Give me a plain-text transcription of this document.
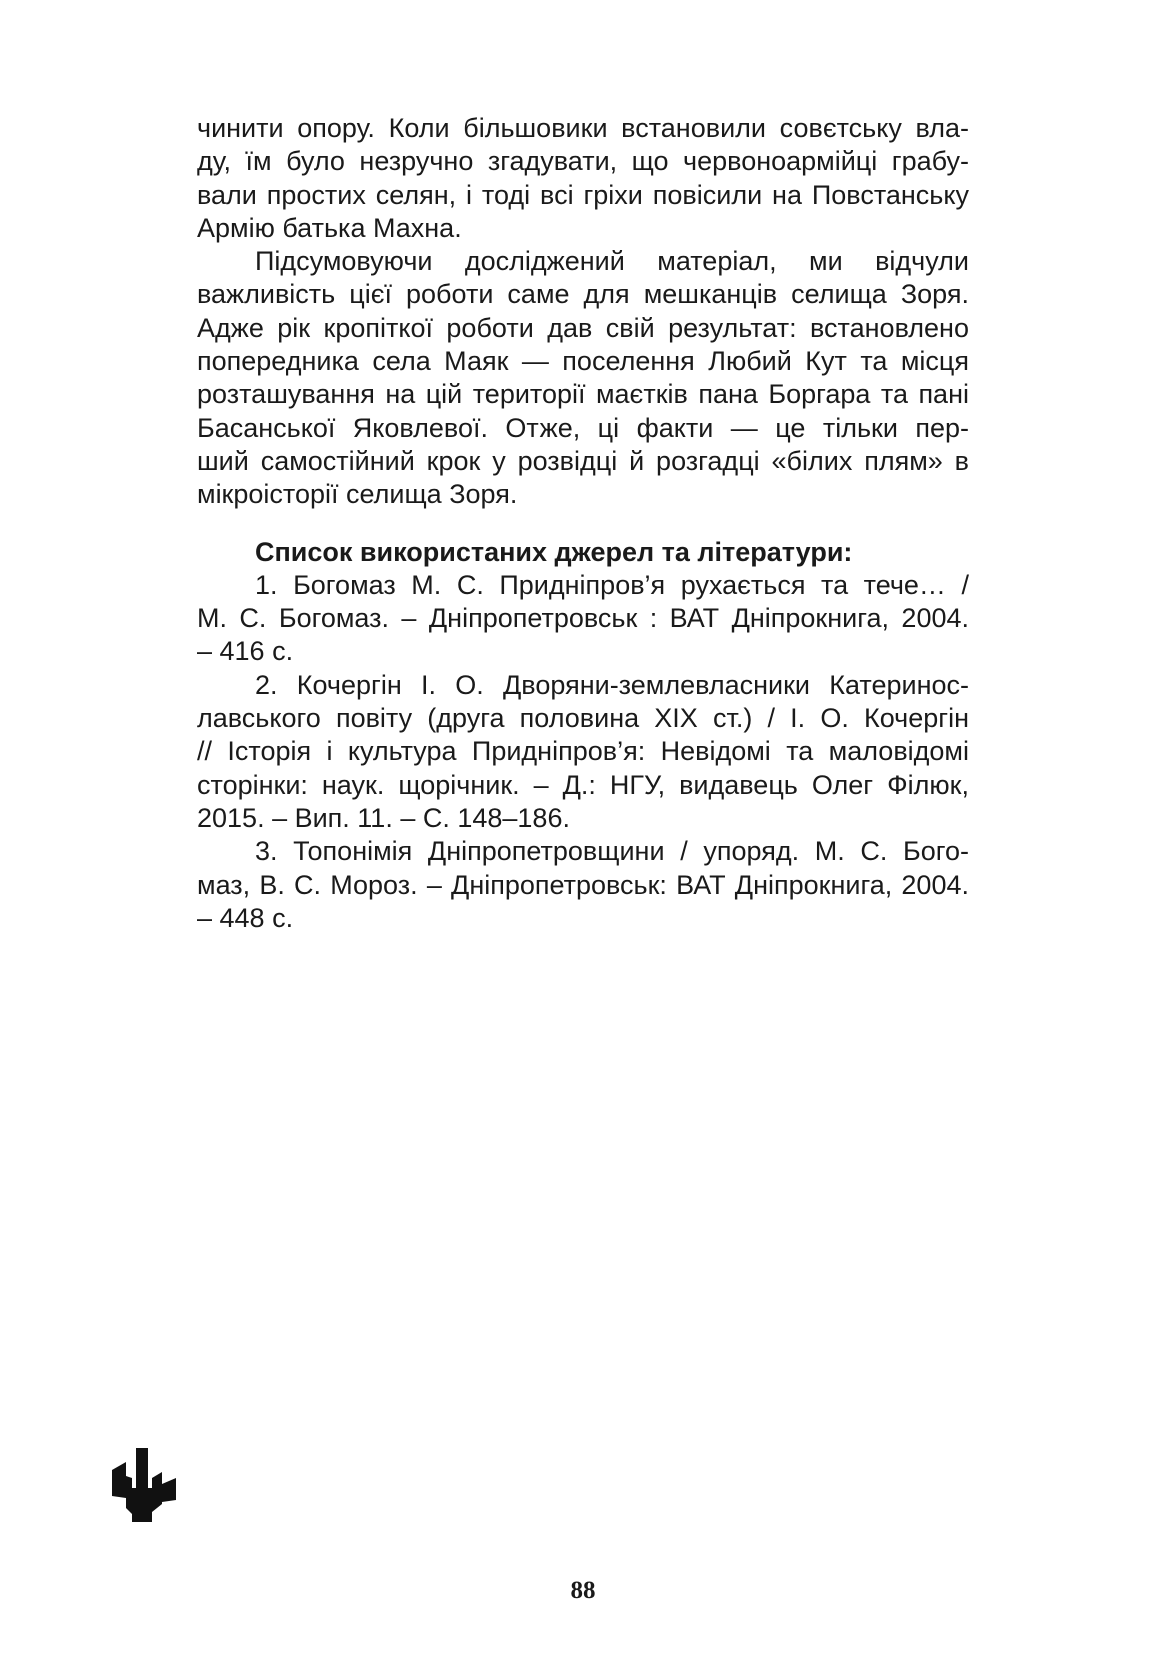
чинити опору. Коли більшовики встановили совєтську вла-
ду, їм було незручно згадувати, що червоноармійці грабу-
вали простих селян, і тоді всі гріхи повісили на Повстанську
Армію батька Махна.
Підсумовуючи досліджений матеріал, ми відчули
важливість цієї роботи саме для мешканців селища Зоря.
Адже рік кропіткої роботи дав свій результат: встановлено
попередника села Маяк — поселення Любий Кут та місця
розташування на цій території маєтків пана Боргара та пані
Басанської Яковлевої. Отже, ці факти — це тільки пер-
ший самостійний крок у розвідці й розгадці «білих плям» в
мікроісторії селища Зоря.
Список використаних джерел та літератури:
1. Богомаз М. С. Придніпров’я рухається та тече… /
М. С. Богомаз. – Дніпропетровськ : ВАТ Дніпрокнига, 2004.
– 416 с.
2. Кочергін І. О. Дворяни-землевласники Катеринос-
лавського повіту (друга половина XIX ст.) / І. О. Кочергін
// Історія і культура Придніпров’я: Невідомі та маловідомі
сторінки: наук. щорічник. – Д.: НГУ, видавець Олег Філюк,
2015. – Вип. 11. – С. 148–186.
3. Топонімія Дніпропетровщини / упоряд. М. С. Бого-
маз, В. С. Мороз. – Дніпропетровськ: ВАТ Дніпрокнига, 2004.
– 448 с.
88
